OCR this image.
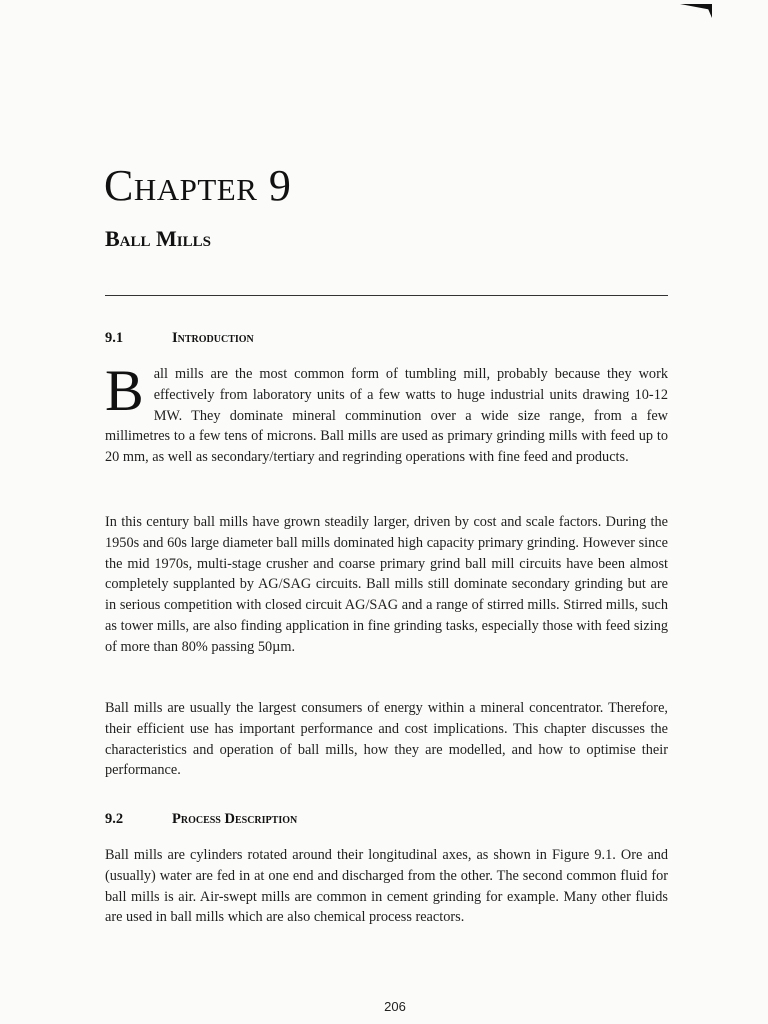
Chapter 9
Ball Mills
9.1	Introduction

Ball mills are the most common form of tumbling mill, probably because they work effectively from laboratory units of a few watts to huge industrial units drawing 10-12 MW. They dominate mineral comminution over a wide size range, from a few millimetres to a few tens of microns. Ball mills are used as primary grinding mills with feed up to 20 mm, as well as secondary/tertiary and regrinding operations with fine feed and products.

In this century ball mills have grown steadily larger, driven by cost and scale factors. During the 1950s and 60s large diameter ball mills dominated high capacity primary grinding. However since the mid 1970s, multi-stage crusher and coarse primary grind ball mill circuits have been almost completely supplanted by AG/SAG circuits. Ball mills still dominate secondary grinding but are in serious competition with closed circuit AG/SAG and a range of stirred mills. Stirred mills, such as tower mills, are also finding application in fine grinding tasks, especially those with feed sizing of more than 80% passing 50µm.

Ball mills are usually the largest consumers of energy within a mineral concentrator. Therefore, their efficient use has important performance and cost implications. This chapter discusses the characteristics and operation of ball mills, how they are modelled, and how to optimise their performance.

9.2	Process Description

Ball mills are cylinders rotated around their longitudinal axes, as shown in Figure 9.1. Ore and (usually) water are fed in at one end and discharged from the other. The second common fluid for ball mills is air. Air-swept mills are common in cement grinding for example. Many other fluids are used in ball mills which are also chemical process reactors.

206
